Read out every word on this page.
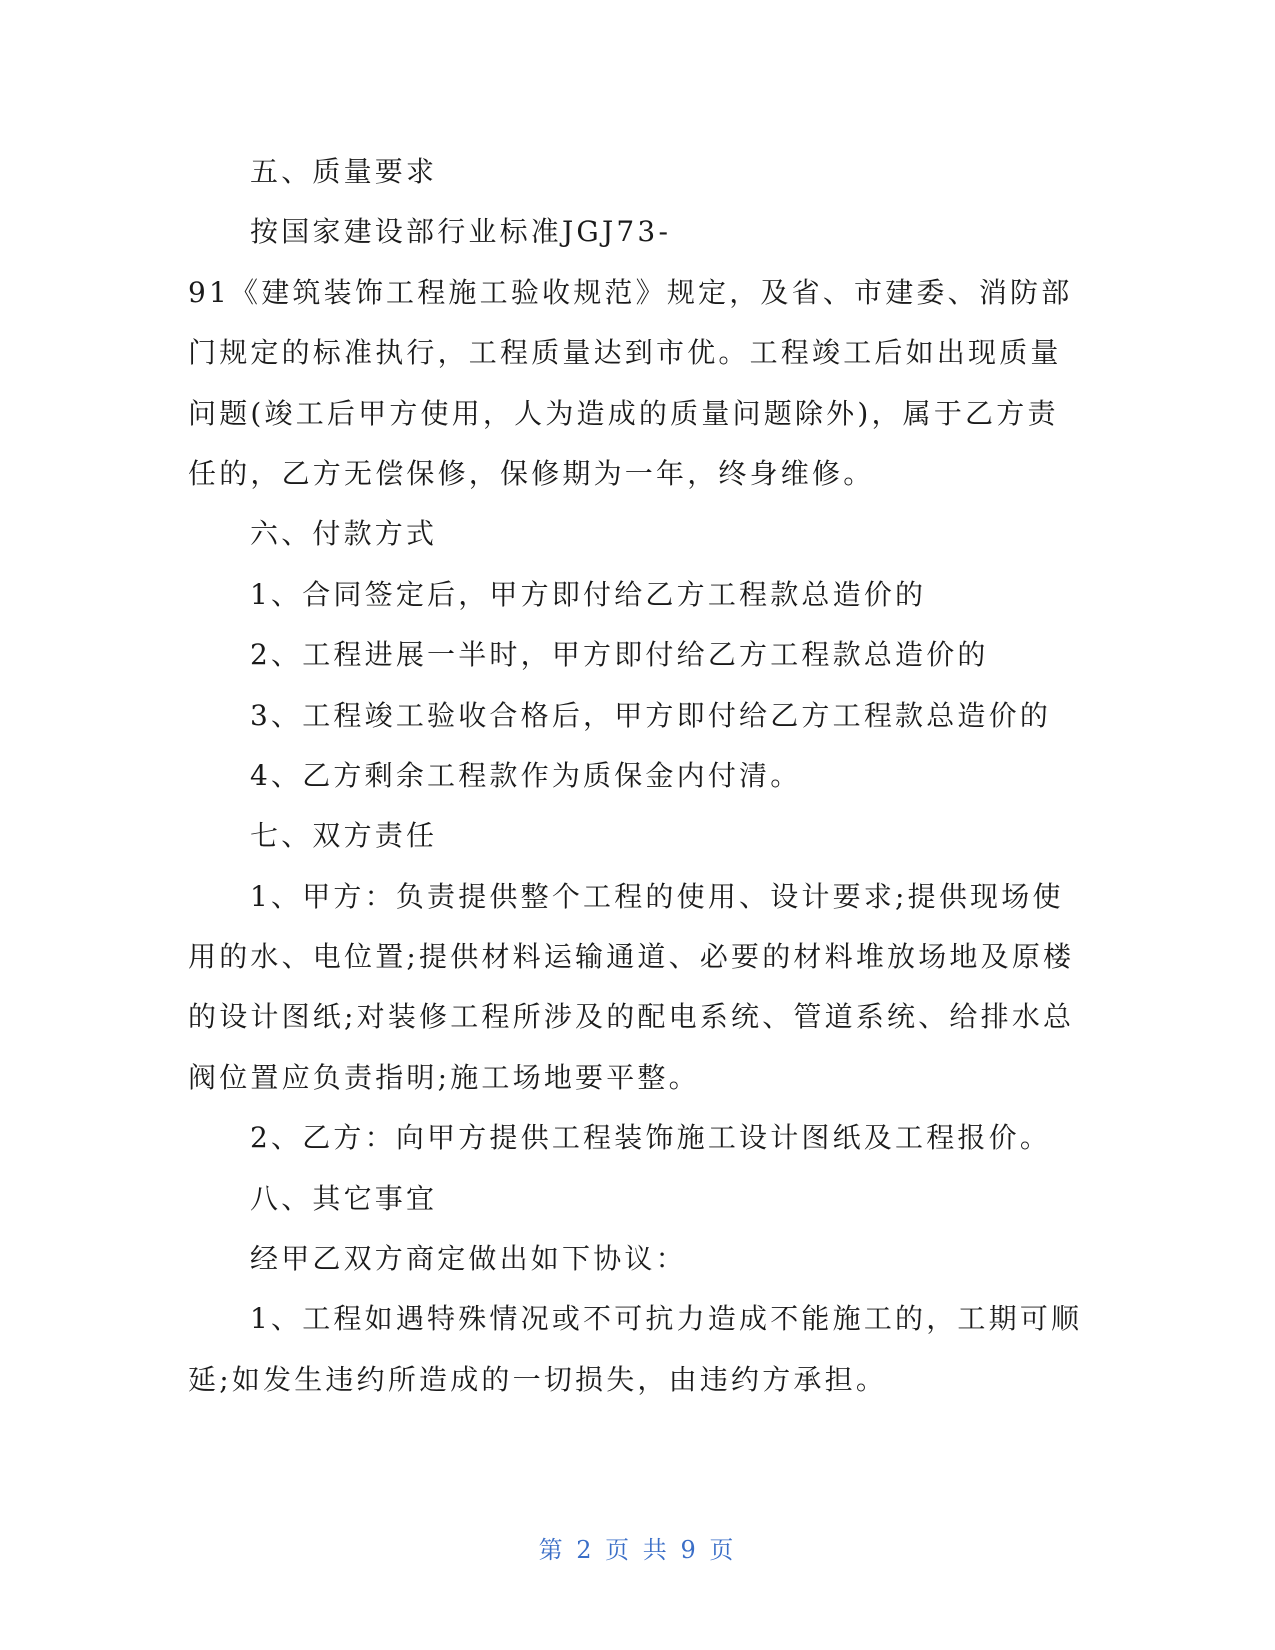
五、质量要求

按国家建设部行业标准JGJ73-

91《建筑装饰工程施工验收规范》规定，及省、市建委、消防部

门规定的标准执行，工程质量达到市优。工程竣工后如出现质量

问题(竣工后甲方使用，人为造成的质量问题除外)，属于乙方责

任的，乙方无偿保修，保修期为一年，终身维修。

六、付款方式

1、合同签定后，甲方即付给乙方工程款总造价的

2、工程进展一半时，甲方即付给乙方工程款总造价的

3、工程竣工验收合格后，甲方即付给乙方工程款总造价的

4、乙方剩余工程款作为质保金内付清。

七、双方责任

1、甲方：负责提供整个工程的使用、设计要求;提供现场使

用的水、电位置;提供材料运输通道、必要的材料堆放场地及原楼

的设计图纸;对装修工程所涉及的配电系统、管道系统、给排水总

阀位置应负责指明;施工场地要平整。

2、乙方：向甲方提供工程装饰施工设计图纸及工程报价。

八、其它事宜

经甲乙双方商定做出如下协议：

1、工程如遇特殊情况或不可抗力造成不能施工的，工期可顺

延;如发生违约所造成的一切损失，由违约方承担。

第 2 页 共 9 页
